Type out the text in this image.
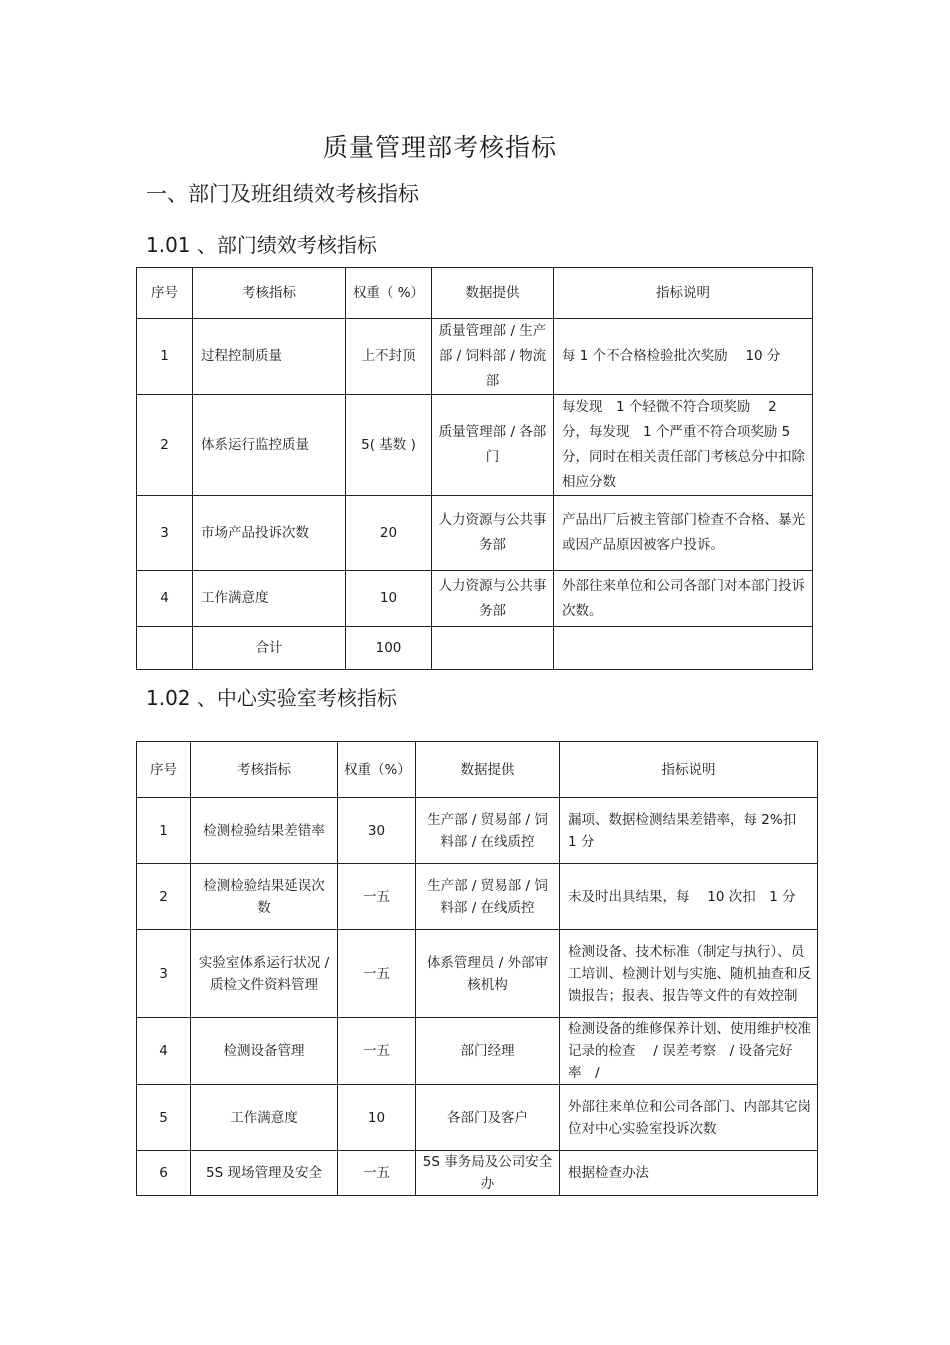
质量管理部考核指标
一、部门及班组绩效考核指标
1.01 、部门绩效考核指标
序号	考核指标	权重（ %）	数据提供	指标说明
1	过程控制质量	上不封顶	质量管理部 / 生产部 / 饲料部 / 物流部	每 1 个不合格检验批次奖励　 10 分
2	体系运行监控质量	5( 基数 )	质量管理部 / 各部门	每发现　1 个轻微不符合项奖励　 2 分，每发现　1 个严重不符合项奖励 5 分，同时在相关责任部门考核总分中扣除相应分数
3	市场产品投诉次数	20	人力资源与公共事务部	产品出厂后被主管部门检查不合格、暴光或因产品原因被客户投诉。
4	工作满意度	10	人力资源与公共事务部	外部往来单位和公司各部门对本部门投诉次数。
	合计	100		
1.02 、中心实验室考核指标
序号	考核指标	权重（%）	数据提供	指标说明
1	检测检验结果差错率	30	生产部 / 贸易部 / 饲料部 / 在线质控	漏项、数据检测结果差错率，每 2%扣　1 分
2	检测检验结果延误次数	一五	生产部 / 贸易部 / 饲料部 / 在线质控	未及时出具结果，每　 10 次扣　1 分
3	实验室体系运行状况 / 质检文件资料管理	一五	体系管理员 / 外部审核机构	检测设备、技术标准（制定与执行）、员工培训、检测计划与实施、随机抽查和反馈报告；报表、报告等文件的有效控制
4	检测设备管理	一五	部门经理	检测设备的维修保养计划、使用维护校准记录的检查　 / 误差考察　/ 设备完好率　/
5	工作满意度	10	各部门及客户	外部往来单位和公司各部门、内部其它岗位对中心实验室投诉次数
6	5S 现场管理及安全	一五	5S 事务局及公司安全办	根据检查办法
